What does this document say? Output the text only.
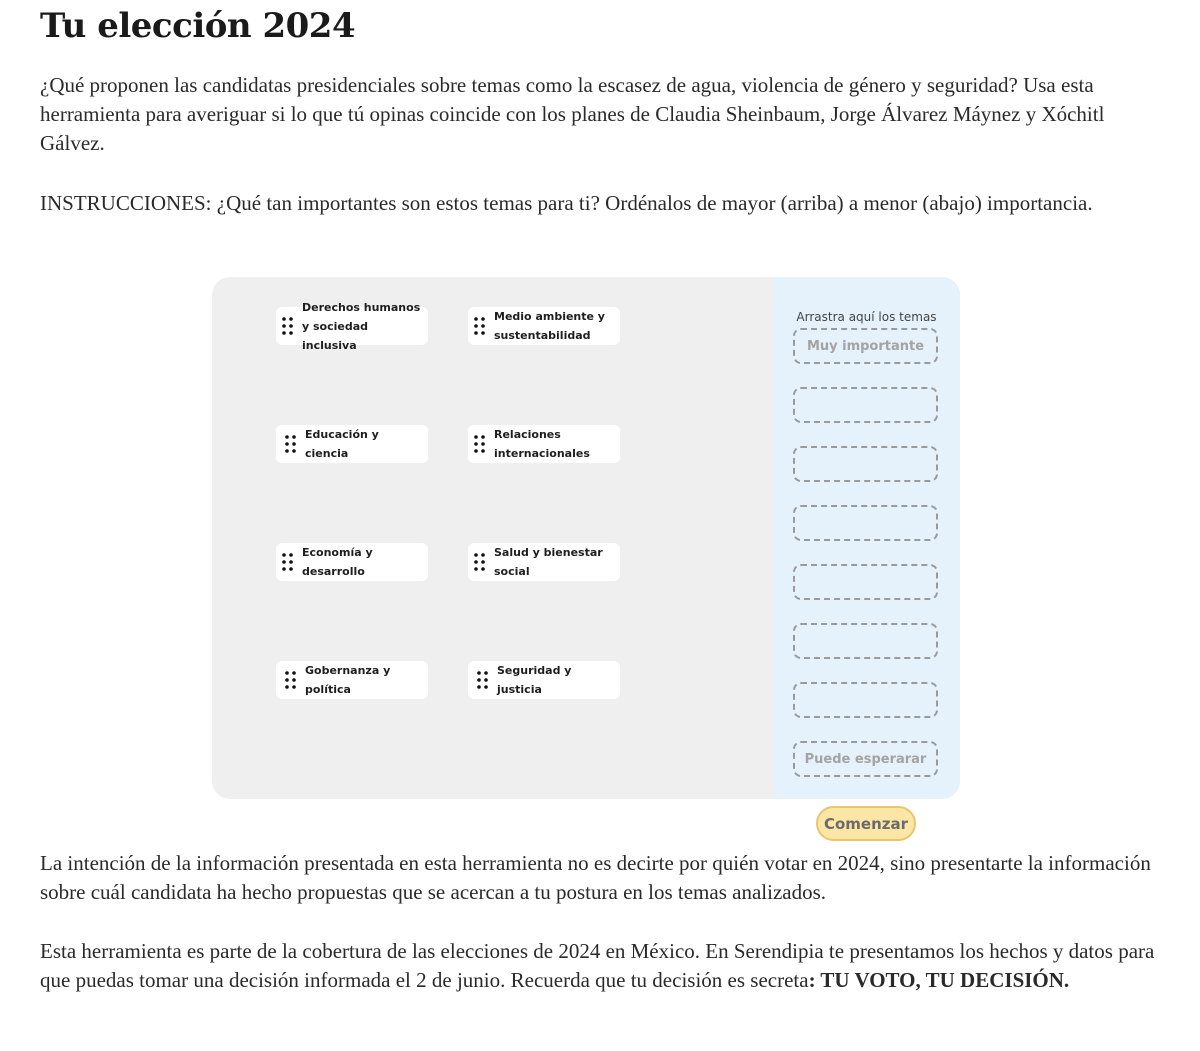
Tu elección 2024

¿Qué proponen las candidatas presidenciales sobre temas como la escasez de agua, violencia de género y seguridad? Usa esta herramienta para averiguar si lo que tú opinas coincide con los planes de Claudia Sheinbaum, Jorge Álvarez Máynez y Xóchitl Gálvez.

INSTRUCCIONES: ¿Qué tan importantes son estos temas para ti? Ordénalos de mayor (arriba) a menor (abajo) importancia.

Derechos humanos y sociedad inclusiva
Medio ambiente y sustentabilidad
Educación y ciencia
Relaciones internacionales
Economía y desarrollo
Salud y bienestar social
Gobernanza y política
Seguridad y justicia
Arrastra aquí los temas
Muy importante
Puede esperarar
Comenzar

La intención de la información presentada en esta herramienta no es decirte por quién votar en 2024, sino presentarte la información sobre cuál candidata ha hecho propuestas que se acercan a tu postura en los temas analizados.

Esta herramienta es parte de la cobertura de las elecciones de 2024 en México. En Serendipia te presentamos los hechos y datos para que puedas tomar una decisión informada el 2 de junio. Recuerda que tu decisión es secreta: TU VOTO, TU DECISIÓN.
